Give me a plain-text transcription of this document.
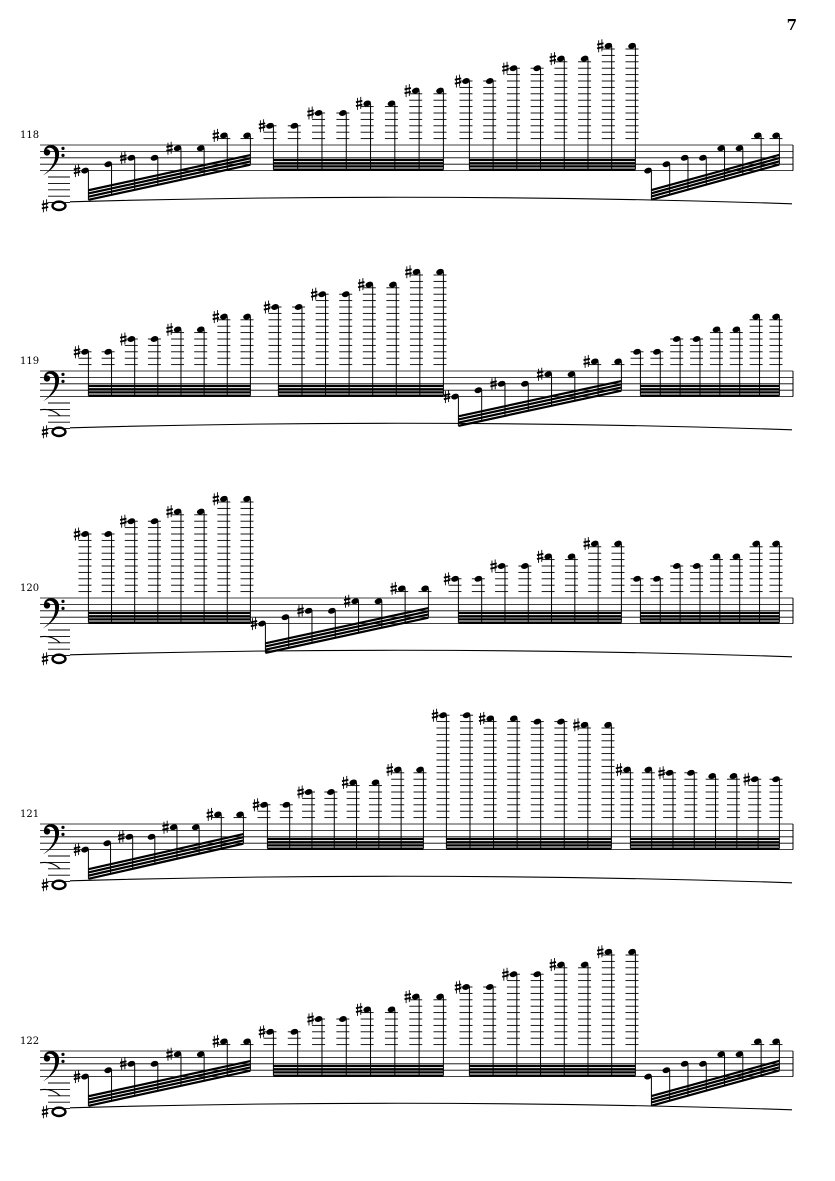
7
118
119
120
121
122
